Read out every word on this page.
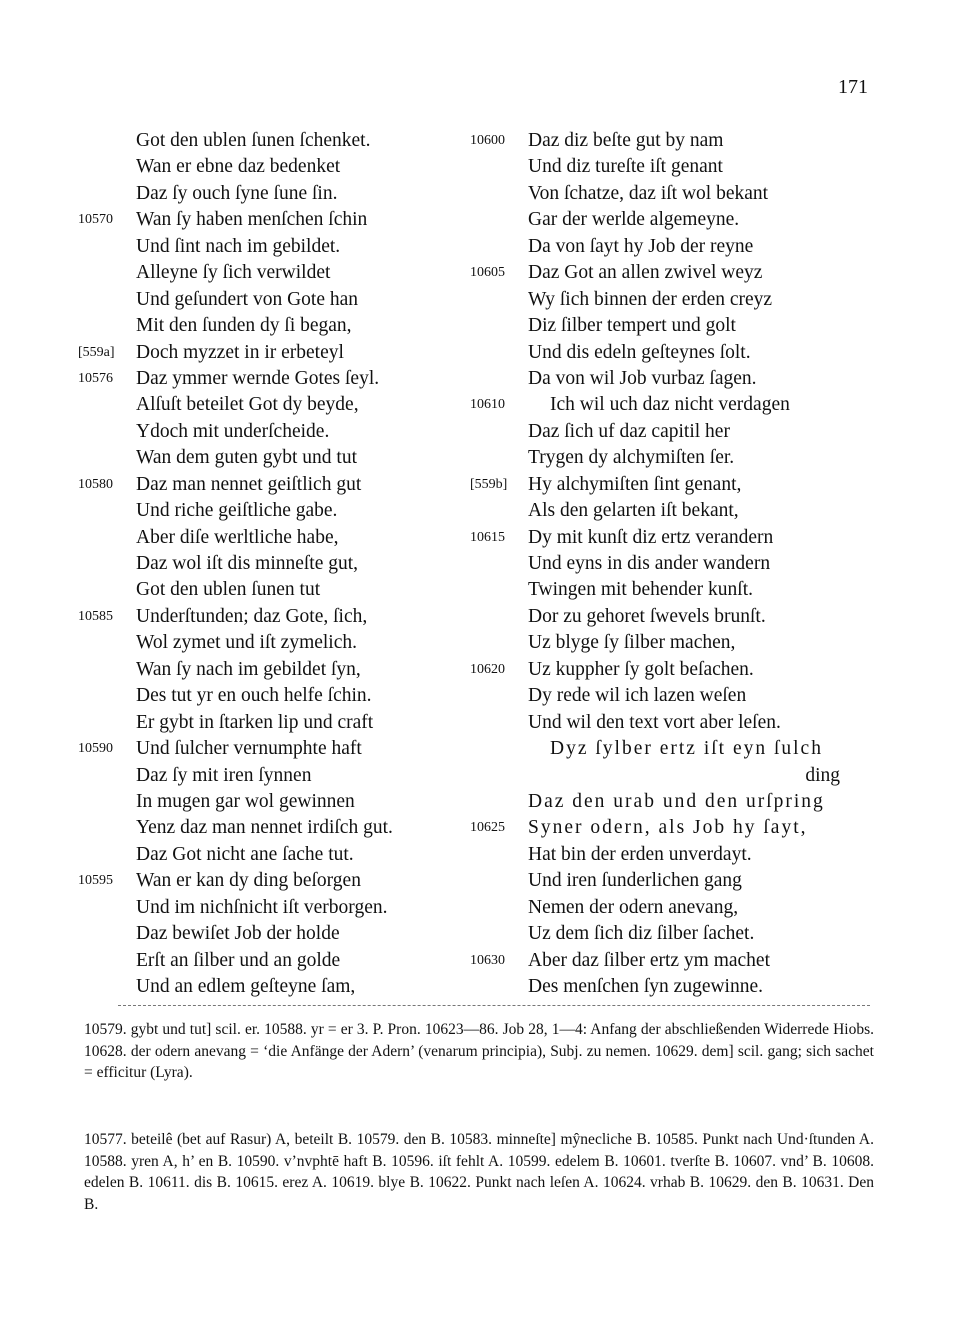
171
Got den ublen ſunen ſchenket.
Wan er ebne daz bedenket
Daz ſy ouch ſyne ſune ſin.
10570	Wan ſy haben menſchen ſchin
Und ſint nach im gebildet.
Alleyne ſy ſich verwildet
Und geſundert von Gote han
Mit den ſunden dy ſi began,
[559a]	Doch myzzet in ir erbeteyl
10576	Daz ymmer wernde Gotes ſeyl.
Alſuſt beteilet Got dy beyde,
Ydoch mit underſcheide.
Wan dem guten gybt und tut
10580	Daz man nennet geiſtlich gut
Und riche geiſtliche gabe.
Aber diſe werltliche habe,
Daz wol iſt dis minneſte gut,
Got den ublen ſunen tut
10585	Underſtunden; daz Gote, ſich,
Wol zymet und iſt zymelich.
Wan ſy nach im gebildet ſyn,
Des tut yr en ouch helfe ſchin.
Er gybt in ſtarken lip und craft
10590	Und ſulcher vernumphte haft
Daz ſy mit iren ſynnen
In mugen gar wol gewinnen
Yenz daz man nennet irdiſch gut.
Daz Got nicht ane ſache tut.
10595	Wan er kan dy ding beſorgen
Und im nichſnicht iſt verborgen.
Daz bewiſet Job der holde
Erſt an ſilber und an golde
Und an edlem geſteyne ſam,
10600	Daz diz beſte gut by nam
Und diz tureſte iſt genant
Von ſchatze, daz iſt wol bekant
Gar der werlde algemeyne.
Da von ſayt hy Job der reyne
10605	Daz Got an allen zwivel weyz
Wy ſich binnen der erden creyz
Diz ſilber tempert und golt
Und dis edeln geſteynes ſolt.
Da von wil Job vurbaz ſagen.
10610	Ich wil uch daz nicht verdagen
Daz ſich uf daz capitil her
Trygen dy alchymiſten ſer.
[559b]	Hy alchymiſten ſint genant,
Als den gelarten iſt bekant,
10615	Dy mit kunſt diz ertz verandern
Und eyns in dis ander wandern
Twingen mit behender kunſt.
Dor zu gehoret ſwevels brunſt.
Uz blyge ſy ſilber machen,
10620	Uz kuppher ſy golt beſachen.
Dy rede wil ich lazen weſen
Und wil den text vort aber leſen.
Dyz ſylber ertz iſt eyn ſulch
ding
Daz den urab und den urſpring
10625	Syner odern, als Job hy ſayt,
Hat bin der erden unverdayt.
Und iren ſunderlichen gang
Nemen der odern anevang,
Uz dem ſich diz ſilber ſachet.
10630	Aber daz ſilber ertz ym machet
Des menſchen ſyn zugewinne.

10579. gybt und tut] scil. er. 10588. yr = er 3. P. Pron. 10623—86. Job 28, 1—4: Anfang der abschließenden Widerrede Hiobs. 10628. der odern anevang = ‘die Anfänge der Adern’ (venarum principia), Subj. zu nemen. 10629. dem] scil. gang; sich sachet = efficitur (Lyra).

10577. beteilê (bet auf Rasur) A, beteilt B. 10579. den B. 10583. minneſte] mŷnecliche B. 10585. Punkt nach Und·ſtunden A. 10588. yren A, h’ en B. 10590. v’nvphtē haft B. 10596. iſt fehlt A. 10599. edelem B. 10601. tverſte B. 10607. vnd’ B. 10608. edelen B. 10611. dis B. 10615. erez A. 10619. blye B. 10622. Punkt nach leſen A. 10624. vrhab B. 10629. den B. 10631. Den B.
